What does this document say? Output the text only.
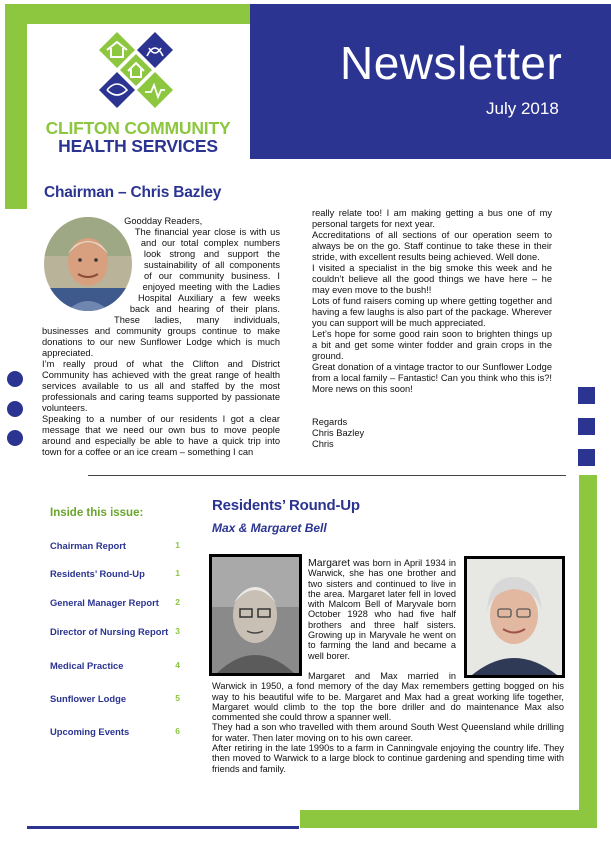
CLIFTON COMMUNITY
HEALTH SERVICES
Newsletter
July 2018
Chairman – Chris Bazley

Goodday Readers,

The financial year close is with us and our total complex numbers look strong and support the sustainability of all components of our community business. I enjoyed meeting with the Ladies Hospital Auxiliary a few weeks back and hearing of their plans. These ladies, many individuals, businesses and community groups continue to make donations to our new Sunflower Lodge which is much appreciated.

I’m really proud of what the Clifton and District Community has achieved with the great range of health services available to us all and staffed by the most professionals and caring teams supported by passionate volunteers.

Speaking to a number of our residents I got a clear message that we need our own bus to move people around and especially be able to have a quick trip into town for a coffee or an ice cream – something I can

really relate too! I am making getting a bus one of my personal targets for next year.

Accreditations of all sections of our operation seem to always be on the go. Staff continue to take these in their stride, with excellent results being achieved. Well done.

I visited a specialist in the big smoke this week and he couldn’t believe all the good things we have here – he may even move to the bush!!

Lots of fund raisers coming up where getting together and having a few laughs is also part of the package. Wherever you can support will be much appreciated.

Let’s hope for some good rain soon to brighten things up a bit and get some winter fodder and grain crops in the ground.

Great donation of a vintage tractor to our Sunflower Lodge from a local family – Fantastic! Can you think who this is?! More news on this soon!

Regards

Chris Bazley

Chris

Inside this issue:
Chairman Report	1
Residents’ Round-Up	1
General Manager Report 2
Director of Nursing Report 3
Medical Practice	4
Sunflower Lodge	5
Upcoming Events	6
Residents’ Round-Up
Max & Margaret Bell

Margaret was born in April 1934 in Warwick, she has one brother and two sisters and continued to live in the area. Margaret later fell in loved with Malcom Bell of Maryvale born October 1928 who had five half brothers and three half sisters. Growing up in Maryvale he went on to farming the land and became a well borer.

Margaret and Max married in Warwick in 1950, a fond memory of the day Max remembers getting bogged on his way to his beautiful wife to be. Margaret and Max had a great working life together, Margaret would climb to the top the bore driller and do maintenance Max also commented she could throw a spanner well.

They had a son who travelled with them around South West Queensland while drilling for water. Then later moving on to his own career.

After retiring in the late 1990s to a farm in Canningvale enjoying the country life. They then moved to Warwick to a large block to continue gardening and spending time with friends and family.
